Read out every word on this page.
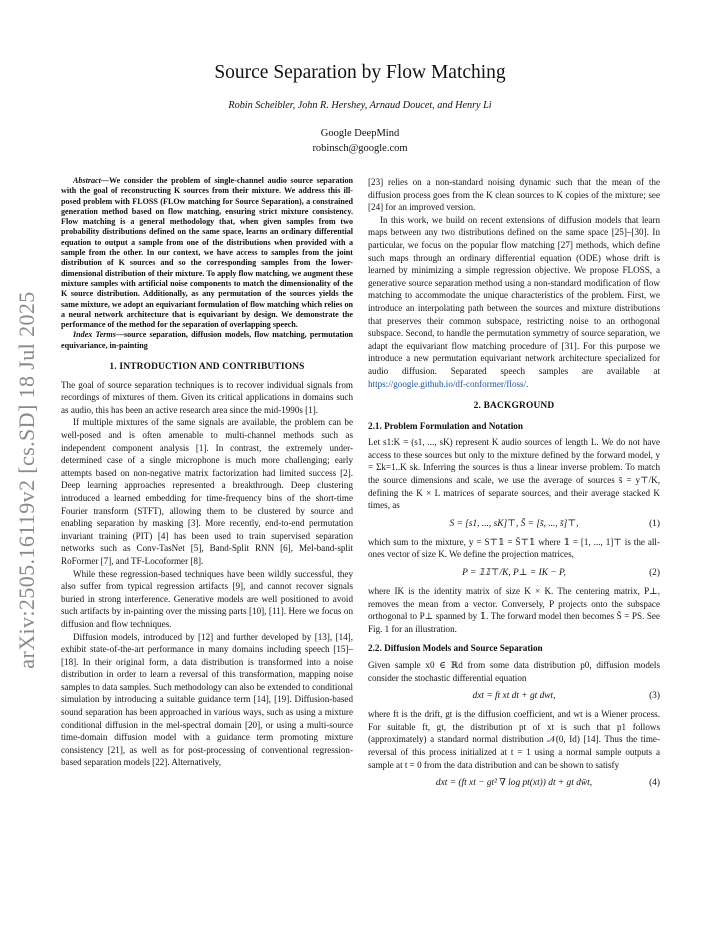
arXiv:2505.16119v2 [cs.SD] 18 Jul 2025
Source Separation by Flow Matching
Robin Scheibler, John R. Hershey, Arnaud Doucet, and Henry Li
Google DeepMind
robinsch@google.com

Abstract—We consider the problem of single-channel audio source separation with the goal of reconstructing K sources from their mixture. We address this ill-posed problem with FLOSS (FLOw matching for Source Separation), a constrained generation method based on flow matching, ensuring strict mixture consistency. Flow matching is a general methodology that, when given samples from two probability distributions defined on the same space, learns an ordinary differential equation to output a sample from one of the distributions when provided with a sample from the other. In our context, we have access to samples from the joint distribution of K sources and so the corresponding samples from the lower-dimensional distribution of their mixture. To apply flow matching, we augment these mixture samples with artificial noise components to match the dimensionality of the K source distribution. Additionally, as any permutation of the sources yields the same mixture, we adopt an equivariant formulation of flow matching which relies on a neural network architecture that is equivariant by design. We demonstrate the performance of the method for the separation of overlapping speech.

Index Terms—source separation, diffusion models, flow matching, permutation equivariance, in-painting

1. INTRODUCTION AND CONTRIBUTIONS

The goal of source separation techniques is to recover individual signals from recordings of mixtures of them. Given its critical applications in domains such as audio, this has been an active research area since the mid-1990s [1].

If multiple mixtures of the same signals are available, the problem can be well-posed and is often amenable to multi-channel methods such as independent component analysis [1]. In contrast, the extremely under-determined case of a single microphone is much more challenging; early attempts based on non-negative matrix factorization had limited success [2]. Deep learning approaches represented a breakthrough. Deep clustering introduced a learned embedding for time-frequency bins of the short-time Fourier transform (STFT), allowing them to be clustered by source and enabling separation by masking [3]. More recently, end-to-end permutation invariant training (PIT) [4] has been used to train supervised separation networks such as Conv-TasNet [5], Band-Split RNN [6], Mel-band-split RoFormer [7], and TF-Locoformer [8].

While these regression-based techniques have been wildly successful, they also suffer from typical regression artifacts [9], and cannot recover signals buried in strong interference. Generative models are well positioned to avoid such artifacts by in-painting over the missing parts [10], [11]. Here we focus on diffusion and flow techniques.

Diffusion models, introduced by [12] and further developed by [13], [14], exhibit state-of-the-art performance in many domains including speech [15]–[18]. In their original form, a data distribution is transformed into a noise distribution in order to learn a reversal of this transformation, mapping noise samples to data samples. Such methodology can also be extended to conditional simulation by introducing a suitable guidance term [14], [19]. Diffusion-based sound separation has been approached in various ways, such as using a mixture conditional diffusion in the mel-spectral domain [20], or using a multi-source time-domain diffusion model with a guidance term promoting mixture consistency [21], as well as for post-processing of conventional regression-based separation models [22]. Alternatively,

[23] relies on a non-standard noising dynamic such that the mean of the diffusion process goes from the K clean sources to K copies of the mixture; see [24] for an improved version.

In this work, we build on recent extensions of diffusion models that learn maps between any two distributions defined on the same space [25]–[30]. In particular, we focus on the popular flow matching [27] methods, which define such maps through an ordinary differential equation (ODE) whose drift is learned by minimizing a simple regression objective. We propose FLOSS, a generative source separation method using a non-standard modification of flow matching to accommodate the unique characteristics of the problem. First, we introduce an interpolating path between the sources and mixture distributions that preserves their common subspace, restricting noise to an orthogonal subspace. Second, to handle the permutation symmetry of source separation, we adapt the equivariant flow matching procedure of [31]. For this purpose we introduce a new permutation equivariant network architecture specialized for audio diffusion. Separated speech samples are available at https://google.github.io/df-conformer/floss/.

2. BACKGROUND
2.1. Problem Formulation and Notation

Let s1:K = (s1, ..., sK) represent K audio sources of length L. We do not have access to these sources but only to the mixture defined by the forward model, y = Σk=1..K sk. Inferring the sources is thus a linear inverse problem. To match the source dimensions and scale, we use the average of sources s̄ = y⊤/K, defining the K × L matrices of separate sources, and their average stacked K times, as

S = [s1, ..., sK]⊤, S̄ = [s̄, ..., s̄]⊤,	(1)

which sum to the mixture, y = S⊤𝟙 = S̄⊤𝟙 where 𝟙 = [1, ..., 1]⊤ is the all-ones vector of size K. We define the projection matrices,

P = 𝟙𝟙⊤/K, P⊥ = IK − P,	(2)

where IK is the identity matrix of size K × K. The centering matrix, P⊥, removes the mean from a vector. Conversely, P projects onto the subspace orthogonal to P⊥ spanned by 𝟙. The forward model then becomes S̄ = PS. See Fig. 1 for an illustration.

2.2. Diffusion Models and Source Separation

Given sample x0 ∈ ℝd from some data distribution p0, diffusion models consider the stochastic differential equation

dxt = ft xt dt + gt dwt,	(3)

where ft is the drift, gt is the diffusion coefficient, and wt is a Wiener process. For suitable ft, gt, the distribution pt of xt is such that p1 follows (approximately) a standard normal distribution 𝒩(0, Id) [14]. Thus the time-reversal of this process initialized at t = 1 using a normal sample outputs a sample at t = 0 from the data distribution and can be shown to satisfy

dxt = (ft xt − gt² ∇ log pt(xt)) dt + gt dw̄t,	(4)
